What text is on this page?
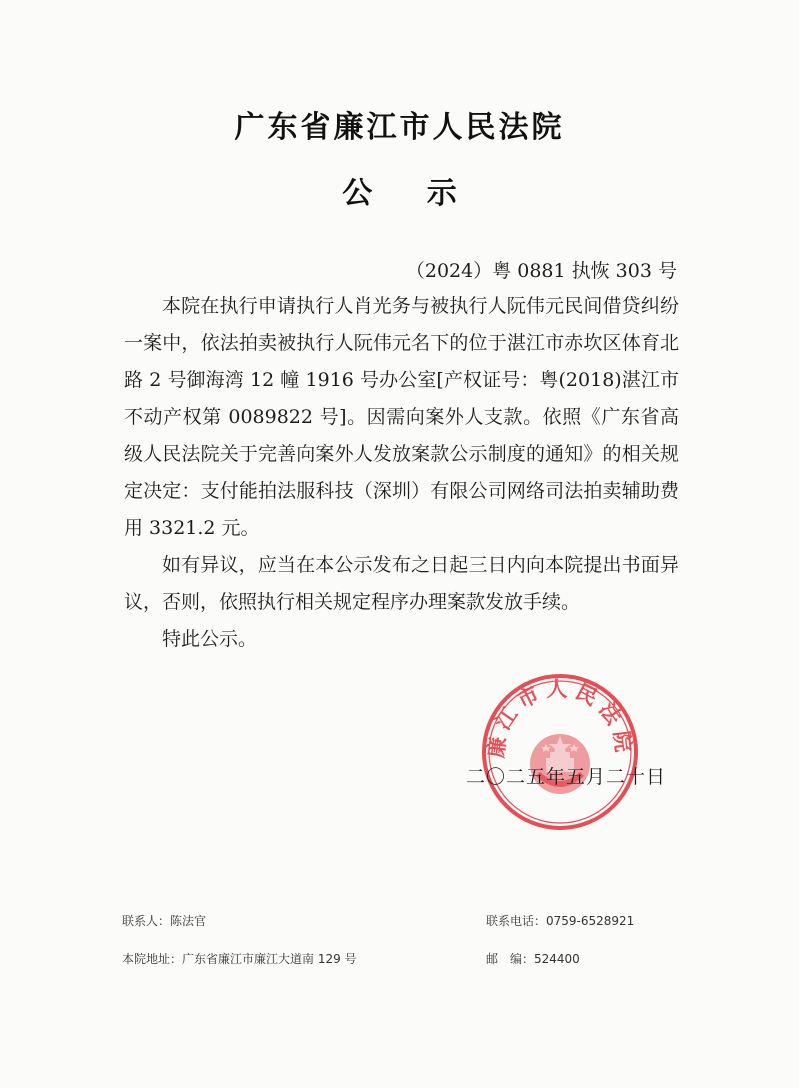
广东省廉江市人民法院
公 示
（2024）粤 0881 执恢 303 号

本院在执行申请执行人肖光务与被执行人阮伟元民间借贷纠纷一案中，依法拍卖被执行人阮伟元名下的位于湛江市赤坎区体育北路 2 号御海湾 12 幢 1916 号办公室[产权证号：粤(2018)湛江市不动产权第 0089822 号]。因需向案外人支款。依照《广东省高级人民法院关于完善向案外人发放案款公示制度的通知》的相关规定决定：支付能拍法服科技（深圳）有限公司网络司法拍卖辅助费用 3321.2 元。

如有异议，应当在本公示发布之日起三日内向本院提出书面异议，否则，依照执行相关规定程序办理案款发放手续。

特此公示。

廉江市人民法院
二〇二五年五月二十日
联系人：陈法官	联系电话：0759-6528921
本院地址：广东省廉江市廉江大道南 129 号	邮　编：524400
